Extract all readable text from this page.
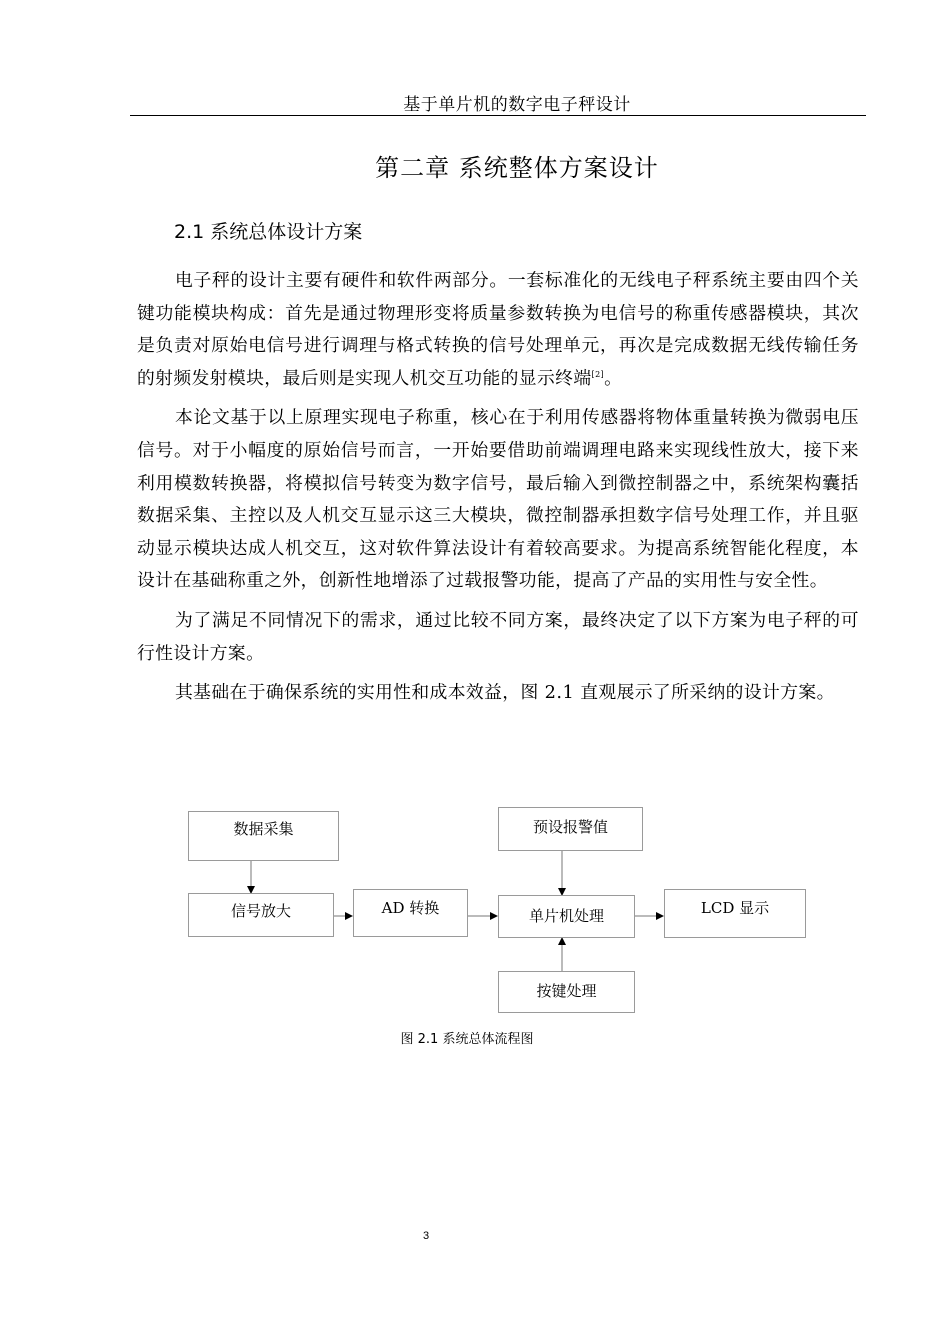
基于单片机的数字电子秤设计
第二章 系统整体方案设计
2.1 系统总体设计方案

电子秤的设计主要有硬件和软件两部分。一套标准化的无线电子秤系统主要由四个关键功能模块构成：首先是通过物理形变将质量参数转换为电信号的称重传感器模块，其次是负责对原始电信号进行调理与格式转换的信号处理单元，再次是完成数据无线传输任务的射频发射模块，最后则是实现人机交互功能的显示终端[2]。

本论文基于以上原理实现电子称重，核心在于利用传感器将物体重量转换为微弱电压信号。对于小幅度的原始信号而言，一开始要借助前端调理电路来实现线性放大，接下来利用模数转换器，将模拟信号转变为数字信号，最后输入到微控制器之中，系统架构囊括数据采集、主控以及人机交互显示这三大模块，微控制器承担数字信号处理工作，并且驱动显示模块达成人机交互，这对软件算法设计有着较高要求。为提高系统智能化程度，本设计在基础称重之外，创新性地增添了过载报警功能，提高了产品的实用性与安全性。

为了满足不同情况下的需求，通过比较不同方案，最终决定了以下方案为电子秤的可行性设计方案。

其基础在于确保系统的实用性和成本效益，图 2.1 直观展示了所采纳的设计方案。

数据采集
信号放大	AD 转换	单片机处理	LCD 显示
预设报警值
按键处理
图 2.1 系统总体流程图
3
